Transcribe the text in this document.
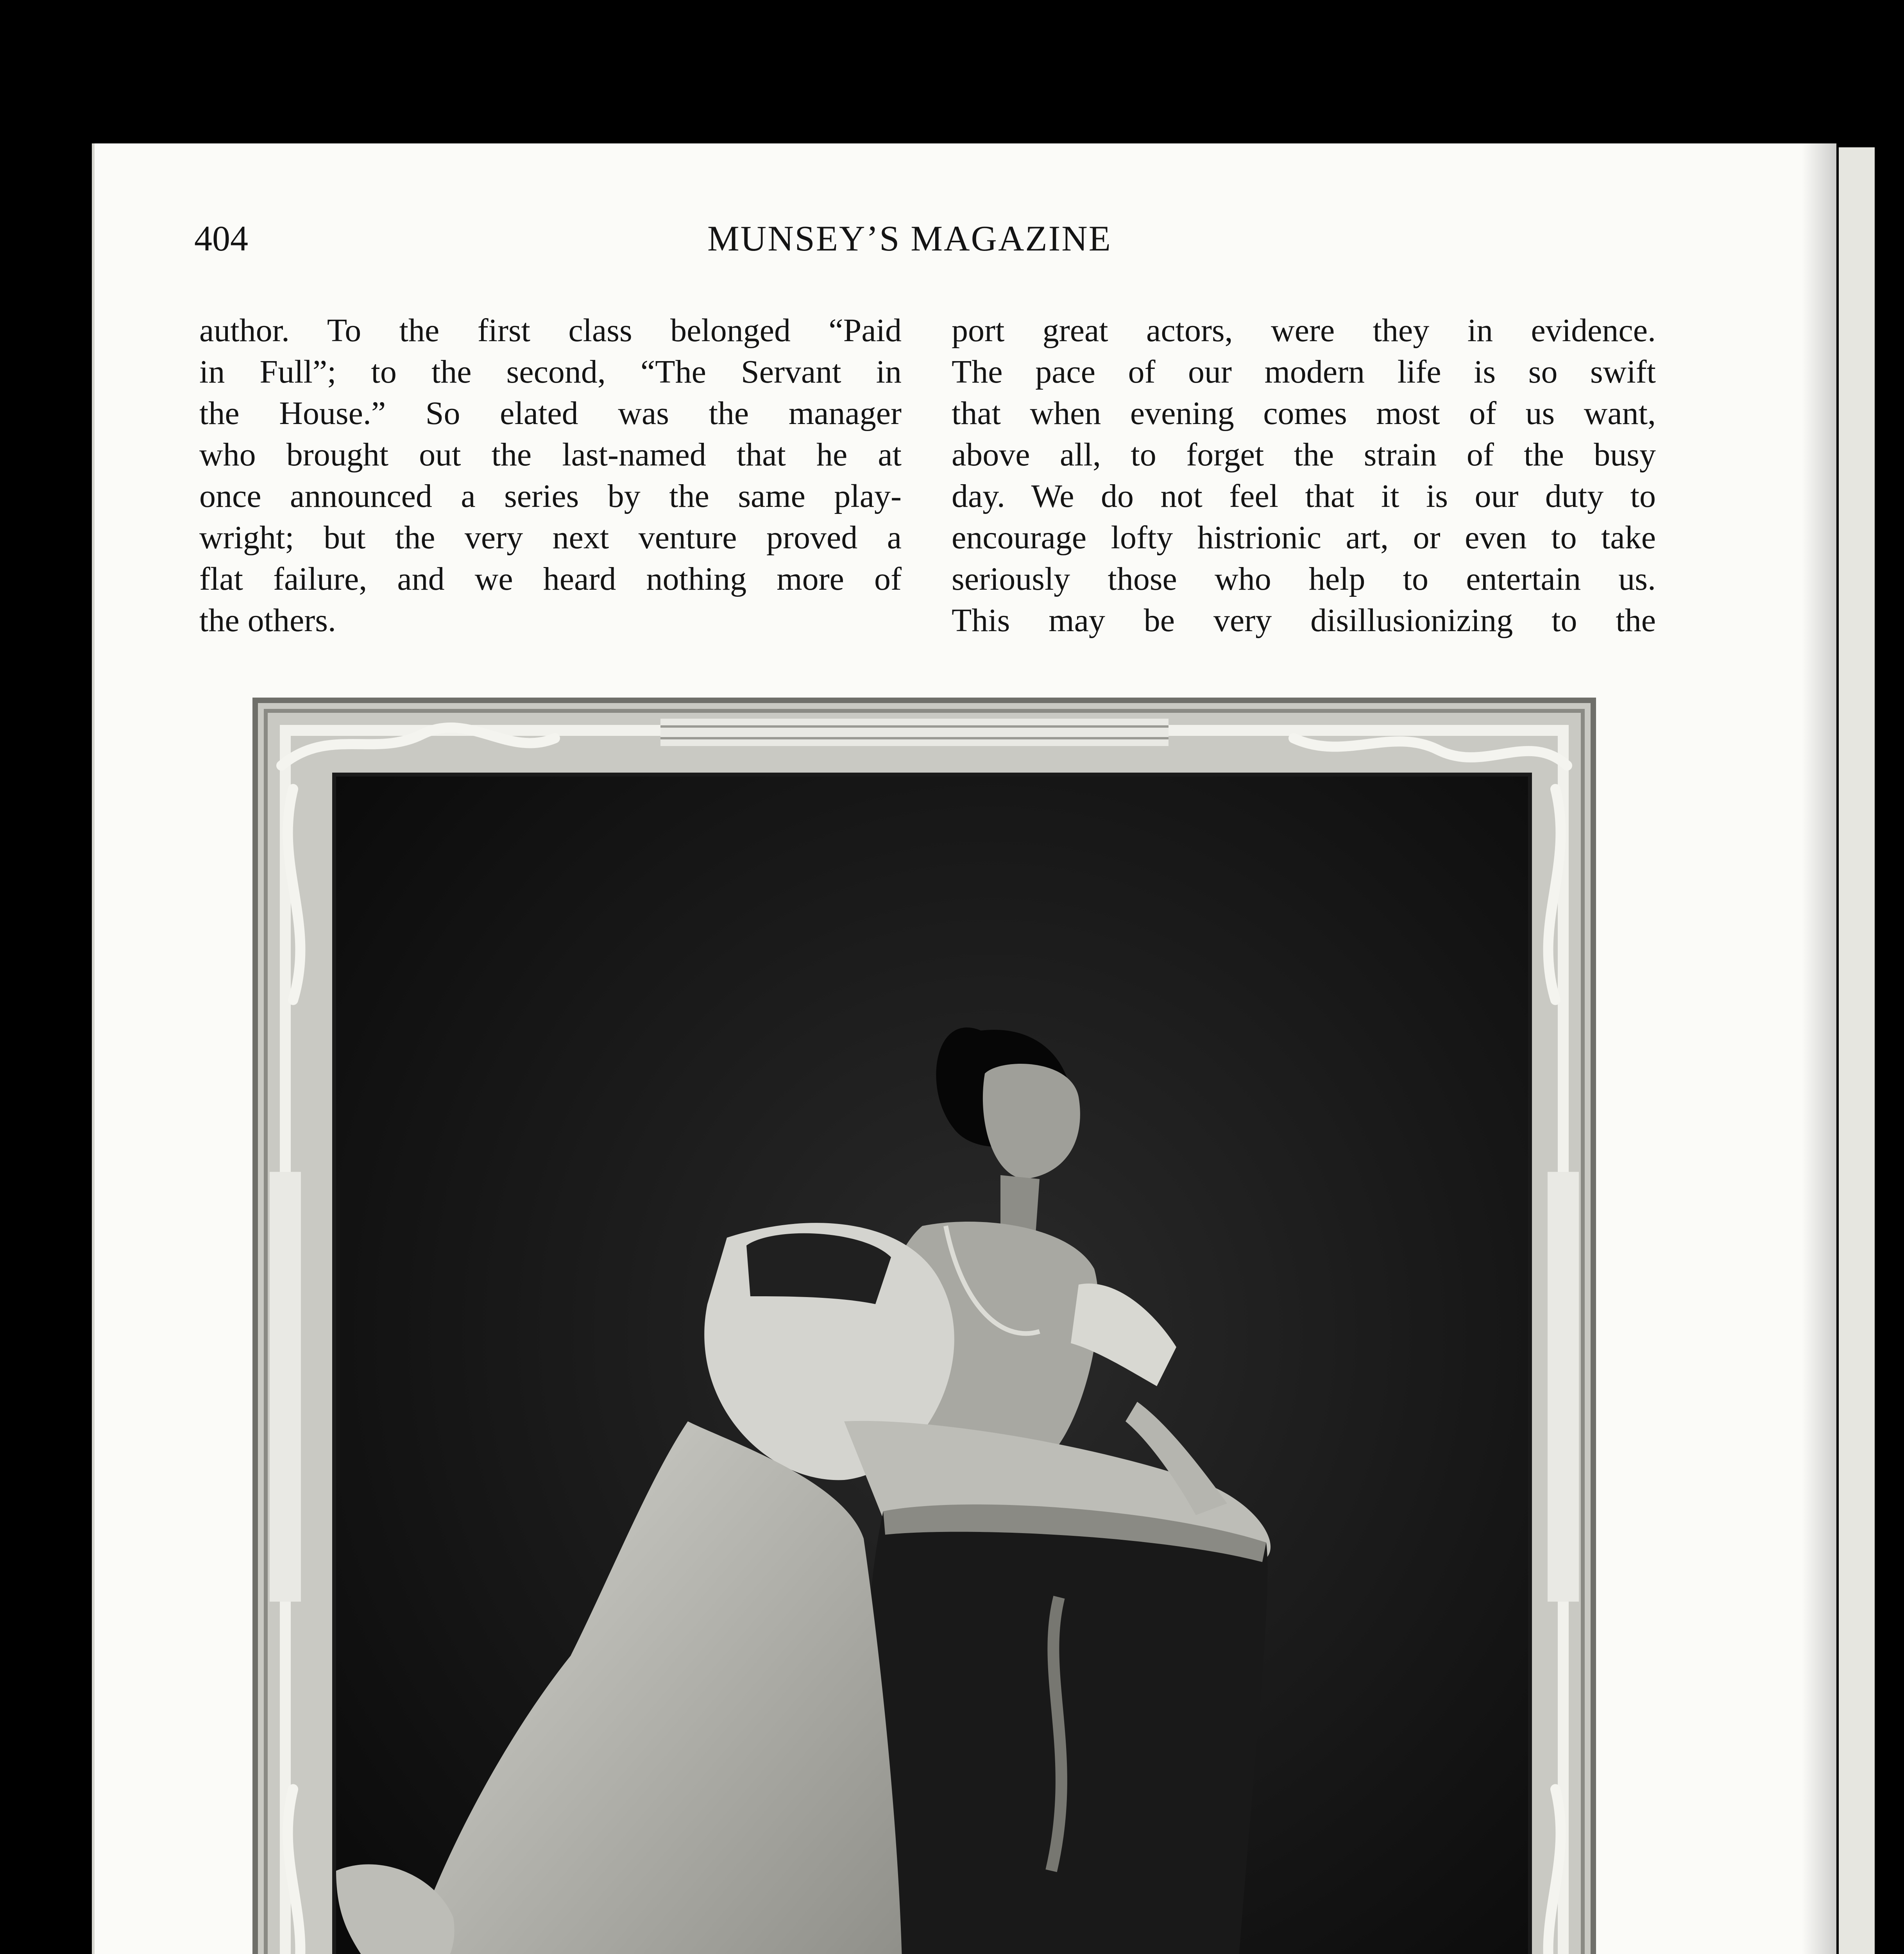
404	MUNSEY’S MAGAZINE
author. To the first class belonged “Paid
in Full”; to the second, “The Servant in
the House.” So elated was the manager
who brought out the last-named that he at
once announced a series by the same play-
wright; but the very next venture proved a
flat failure, and we heard nothing more of
the others.
port great actors, were they in evidence.
The pace of our modern life is so swift
that when evening comes most of us want,
above all, to forget the strain of the busy
day. We do not feel that it is our duty to
encourage lofty histrionic art, or even to take
seriously those who help to entertain us.
This may be very disillusionizing to the
